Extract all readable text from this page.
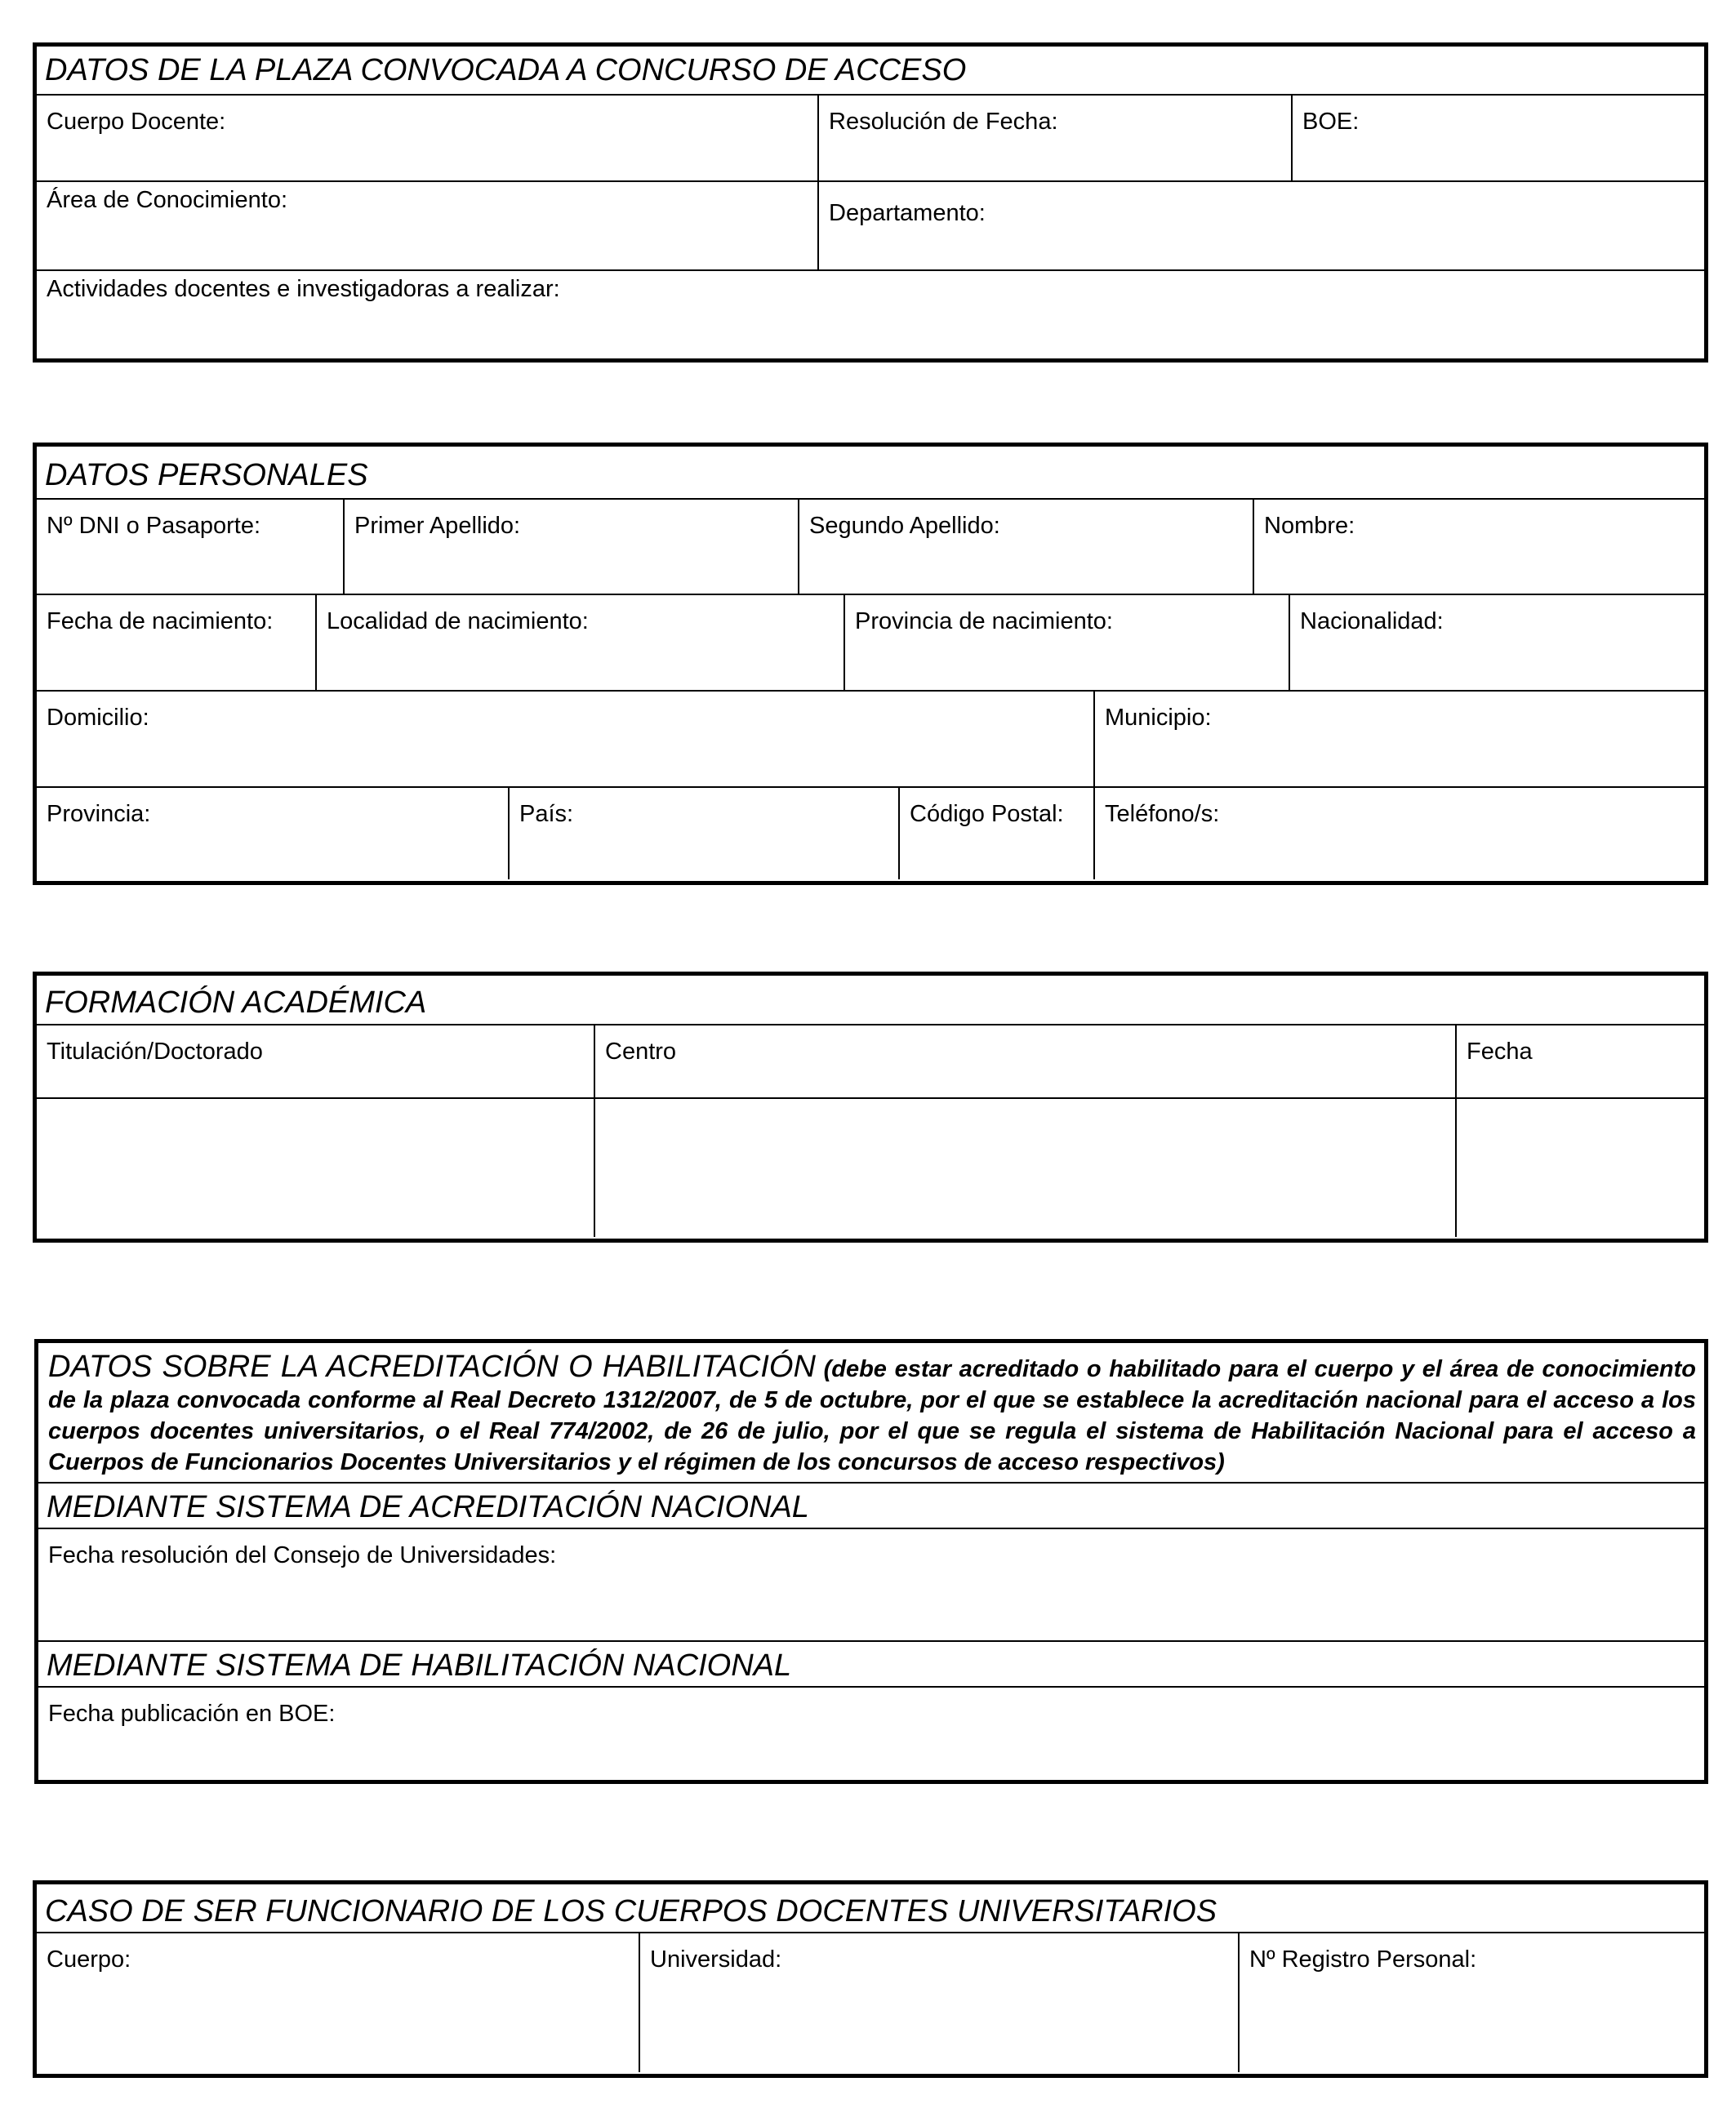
DATOS DE LA PLAZA CONVOCADA A CONCURSO DE ACCESO
Cuerpo Docente:	Resolución de Fecha:	BOE:
Área de Conocimiento:	Departamento:
Actividades docentes e investigadoras a realizar:
DATOS PERSONALES
Nº DNI o Pasaporte:	Primer Apellido:	Segundo Apellido:	Nombre:
Fecha de nacimiento:	Localidad de nacimiento:	Provincia de nacimiento:	Nacionalidad:
Domicilio:	Municipio:
Provincia:	País:	Código Postal:	Teléfono/s:
FORMACIÓN ACADÉMICA
Titulación/Doctorado	Centro	Fecha
DATOS SOBRE LA ACREDITACIÓN O HABILITACIÓN (debe estar acreditado o habilitado para el cuerpo y el área de conocimiento de la plaza convocada conforme al Real Decreto 1312/2007, de 5 de octubre, por el que se establece la acreditación nacional para el acceso a los cuerpos docentes universitarios, o el Real 774/2002, de 26 de julio, por el que se regula el sistema de Habilitación Nacional para el acceso a Cuerpos de Funcionarios Docentes Universitarios y el régimen de los concursos de acceso respectivos)
MEDIANTE SISTEMA DE ACREDITACIÓN NACIONAL
Fecha resolución del Consejo de Universidades:
MEDIANTE SISTEMA DE HABILITACIÓN NACIONAL
Fecha publicación en BOE:
CASO DE SER FUNCIONARIO DE LOS CUERPOS DOCENTES UNIVERSITARIOS
Cuerpo:	Universidad:	Nº Registro Personal:
